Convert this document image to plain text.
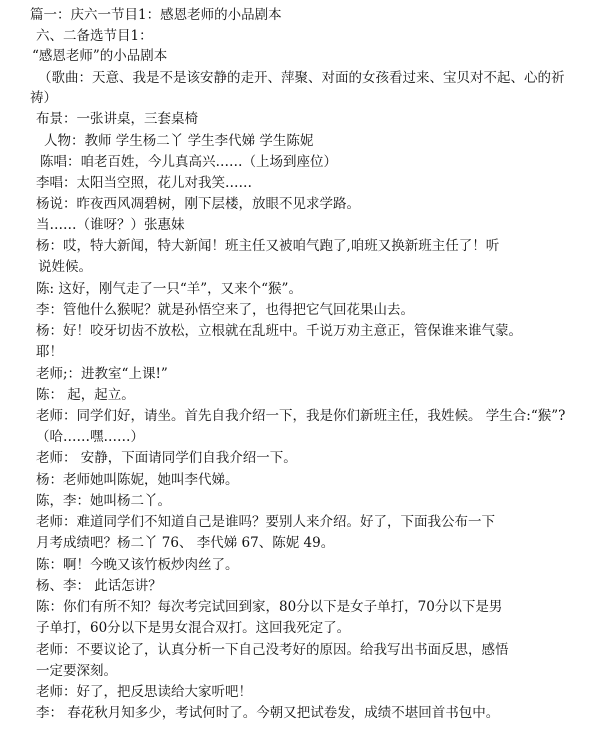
篇一：庆六一节目1：感恩老师的小品剧本
六、二备选节目1：
“感恩老师”的小品剧本
（歌曲：天意、我是不是该安静的走开、萍聚、对面的女孩看过来、宝贝对不起、心的祈
祷）
布景：一张讲桌，三套桌椅
人物：教师 学生杨二丫 学生李代娣 学生陈妮
陈唱：咱老百姓，今儿真高兴……（上场到座位）
李唱：太阳当空照，花儿对我笑……
杨说：昨夜西风凋碧树，刚下层楼，放眼不见求学路。
当……（谁呀？）张惠妹
杨：哎，特大新闻，特大新闻！班主任又被咱气跑了,咱班又换新班主任了！听
说姓候。
陈: 这好，刚气走了一只“羊”，又来个“猴”。
李：管他什么猴呢？就是孙悟空来了，也得把它气回花果山去。
杨：好！咬牙切齿不放松，立根就在乱班中。千说万劝主意正，管保谁来谁气蒙。
耶！
老师;：进教室“上课!”
陈： 起，起立。
老师：同学们好，请坐。首先自我介绍一下，我是你们新班主任，我姓候。 学生合:“猴”?
（哈……嘿……）
老师： 安静，下面请同学们自我介绍一下。
杨：老师她叫陈妮，她叫李代娣。
陈，李：她叫杨二丫。
老师：难道同学们不知道自己是谁吗？要别人来介绍。好了，下面我公布一下
月考成绩吧？杨二丫 76、 李代娣 67、陈妮 49。
陈：啊！今晚又该竹板炒肉丝了。
杨、李： 此话怎讲？
陈：你们有所不知？每次考完试回到家，80分以下是女子单打，70分以下是男
子单打，60分以下是男女混合双打。这回我死定了。
老师：不要议论了，认真分析一下自己没考好的原因。给我写出书面反思，感悟
一定要深刻。
老师：好了，把反思读给大家听吧！
李： 春花秋月知多少，考试何时了。今朝又把试卷发，成绩不堪回首书包中。
